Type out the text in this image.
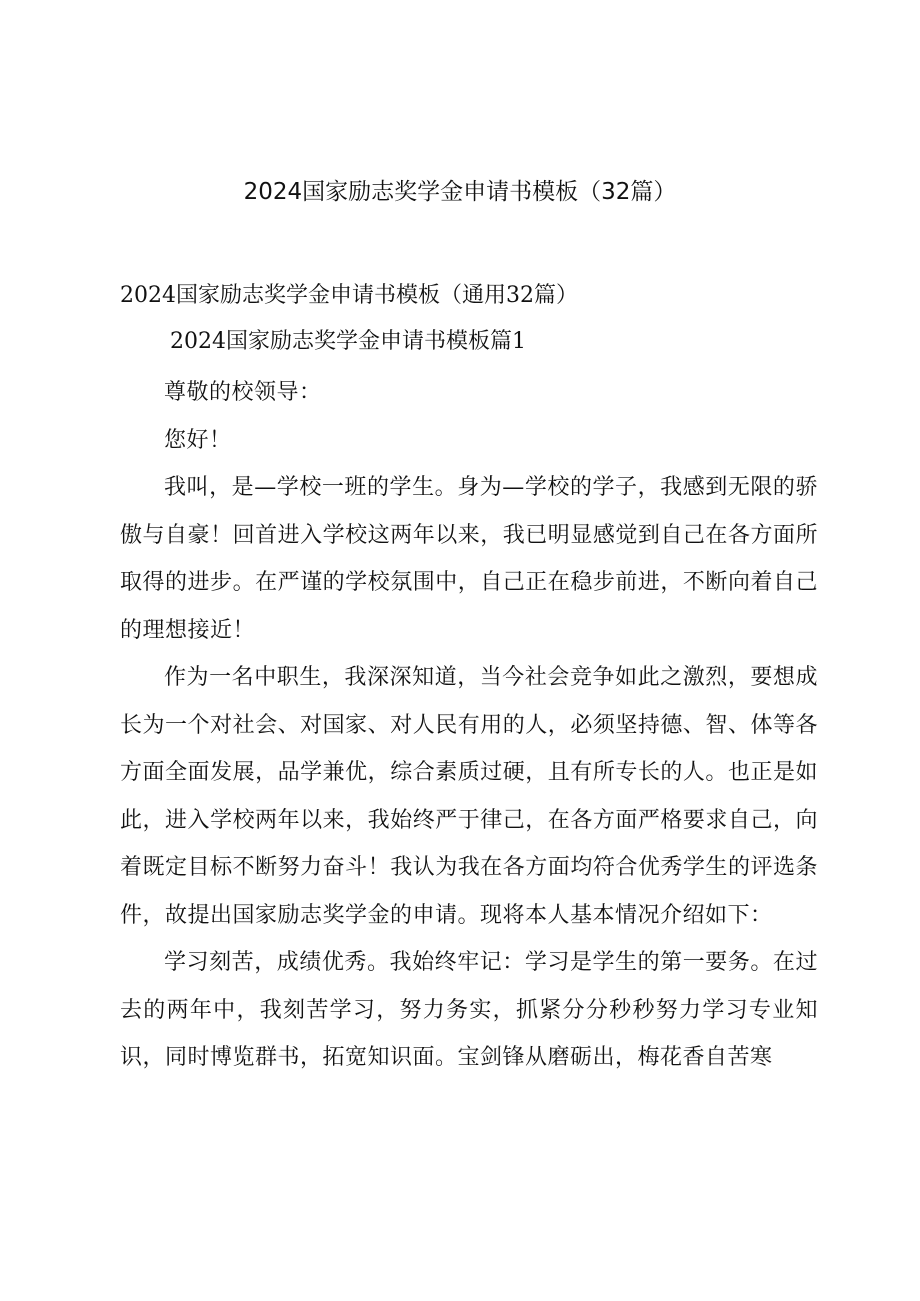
2024国家励志奖学金申请书模板（32篇）
2024国家励志奖学金申请书模板（通用32篇）
2024国家励志奖学金申请书模板篇1

尊敬的校领导：

您好！

我叫，是—学校一班的学生。身为—学校的学子，我感到无限的骄傲与自豪！回首进入学校这两年以来，我已明显感觉到自己在各方面所取得的进步。在严谨的学校氛围中，自己正在稳步前进，不断向着自己的理想接近！

作为一名中职生，我深深知道，当今社会竞争如此之激烈，要想成长为一个对社会、对国家、对人民有用的人，必须坚持德、智、体等各方面全面发展，品学兼优，综合素质过硬，且有所专长的人。也正是如此，进入学校两年以来，我始终严于律己，在各方面严格要求自己，向着既定目标不断努力奋斗！我认为我在各方面均符合优秀学生的评选条件，故提出国家励志奖学金的申请。现将本人基本情况介绍如下：

学习刻苦，成绩优秀。我始终牢记：学习是学生的第一要务。在过去的两年中，我刻苦学习，努力务实，抓紧分分秒秒努力学习专业知识，同时博览群书，拓宽知识面。宝剑锋从磨砺出，梅花香自苦寒
